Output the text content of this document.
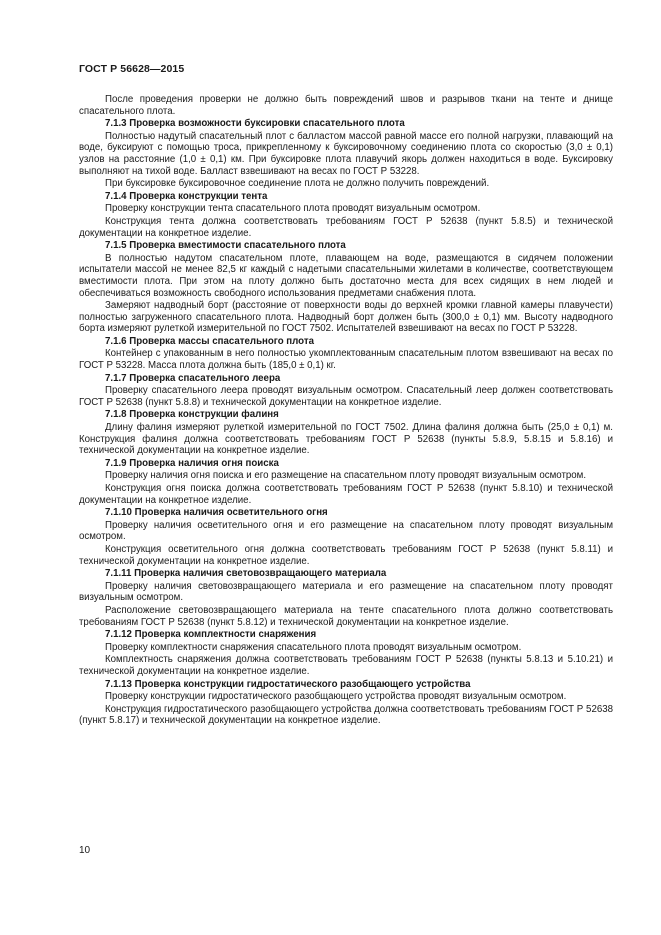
ГОСТ Р 56628—2015

После проведения проверки не должно быть повреждений швов и разрывов ткани на тенте и днище спасательного плота.

7.1.3 Проверка возможности буксировки спасательного плота

Полностью надутый спасательный плот с балластом массой равной массе его полной нагрузки, плавающий на воде, буксируют с помощью троса, прикрепленному к буксировочному соединению плота со скоростью (3,0 ± 0,1) узлов на расстояние (1,0 ± 0,1) км. При буксировке плота плавучий якорь должен находиться в воде. Буксировку выполняют на тихой воде. Балласт взвешивают на весах по ГОСТ Р 53228.

При буксировке буксировочное соединение плота не должно получить повреждений.

7.1.4 Проверка конструкции тента

Проверку конструкции тента спасательного плота проводят визуальным осмотром.

Конструкция тента должна соответствовать требованиям ГОСТ Р 52638 (пункт 5.8.5) и технической документации на конкретное изделие.

7.1.5 Проверка вместимости спасательного плота

В полностью надутом спасательном плоте, плавающем на воде, размещаются в сидячем положении испытатели массой не менее 82,5 кг каждый с надетыми спасательными жилетами в количестве, соответствующем вместимости плота. При этом на плоту должно быть достаточно места для всех сидящих в нем людей и обеспечиваться возможность свободного использования предметами снабжения плота.

Замеряют надводный борт (расстояние от поверхности воды до верхней кромки главной камеры плавучести) полностью загруженного спасательного плота. Надводный борт должен быть (300,0 ± 0,1) мм. Высоту надводного борта измеряют рулеткой измерительной по ГОСТ 7502. Испытателей взвешивают на весах по ГОСТ Р 53228.

7.1.6 Проверка массы спасательного плота

Контейнер с упакованным в него полностью укомплектованным спасательным плотом взвешивают на весах по ГОСТ Р 53228. Масса плота должна быть (185,0 ± 0,1) кг.

7.1.7 Проверка спасательного леера

Проверку спасательного леера проводят визуальным осмотром. Спасательный леер должен соответствовать ГОСТ Р 52638 (пункт 5.8.8) и технической документации на конкретное изделие.

7.1.8 Проверка конструкции фалиня

Длину фалиня измеряют рулеткой измерительной по ГОСТ 7502. Длина фалиня должна быть (25,0 ± 0,1) м. Конструкция фалиня должна соответствовать требованиям ГОСТ Р 52638 (пункты 5.8.9, 5.8.15 и 5.8.16) и технической документации на конкретное изделие.

7.1.9 Проверка наличия огня поиска

Проверку наличия огня поиска и его размещение на спасательном плоту проводят визуальным осмотром.

Конструкция огня поиска должна соответствовать требованиям ГОСТ Р 52638 (пункт 5.8.10) и технической документации на конкретное изделие.

7.1.10 Проверка наличия осветительного огня

Проверку наличия осветительного огня и его размещение на спасательном плоту проводят визуальным осмотром.

Конструкция осветительного огня должна соответствовать требованиям ГОСТ Р 52638 (пункт 5.8.11) и технической документации на конкретное изделие.

7.1.11 Проверка наличия световозвращающего материала

Проверку наличия световозвращающего материала и его размещение на спасательном плоту проводят визуальным осмотром.

Расположение световозвращающего материала на тенте спасательного плота должно соответствовать требованиям ГОСТ Р 52638 (пункт 5.8.12) и технической документации на конкретное изделие.

7.1.12 Проверка комплектности снаряжения

Проверку комплектности снаряжения спасательного плота проводят визуальным осмотром.

Комплектность снаряжения должна соответствовать требованиям ГОСТ Р 52638 (пункты 5.8.13 и 5.10.21) и технической документации на конкретное изделие.

7.1.13 Проверка конструкции гидростатического разобщающего устройства

Проверку конструкции гидростатического разобщающего устройства проводят визуальным осмотром.

Конструкция гидростатического разобщающего устройства должна соответствовать требованиям ГОСТ Р 52638 (пункт 5.8.17) и технической документации на конкретное изделие.

10
